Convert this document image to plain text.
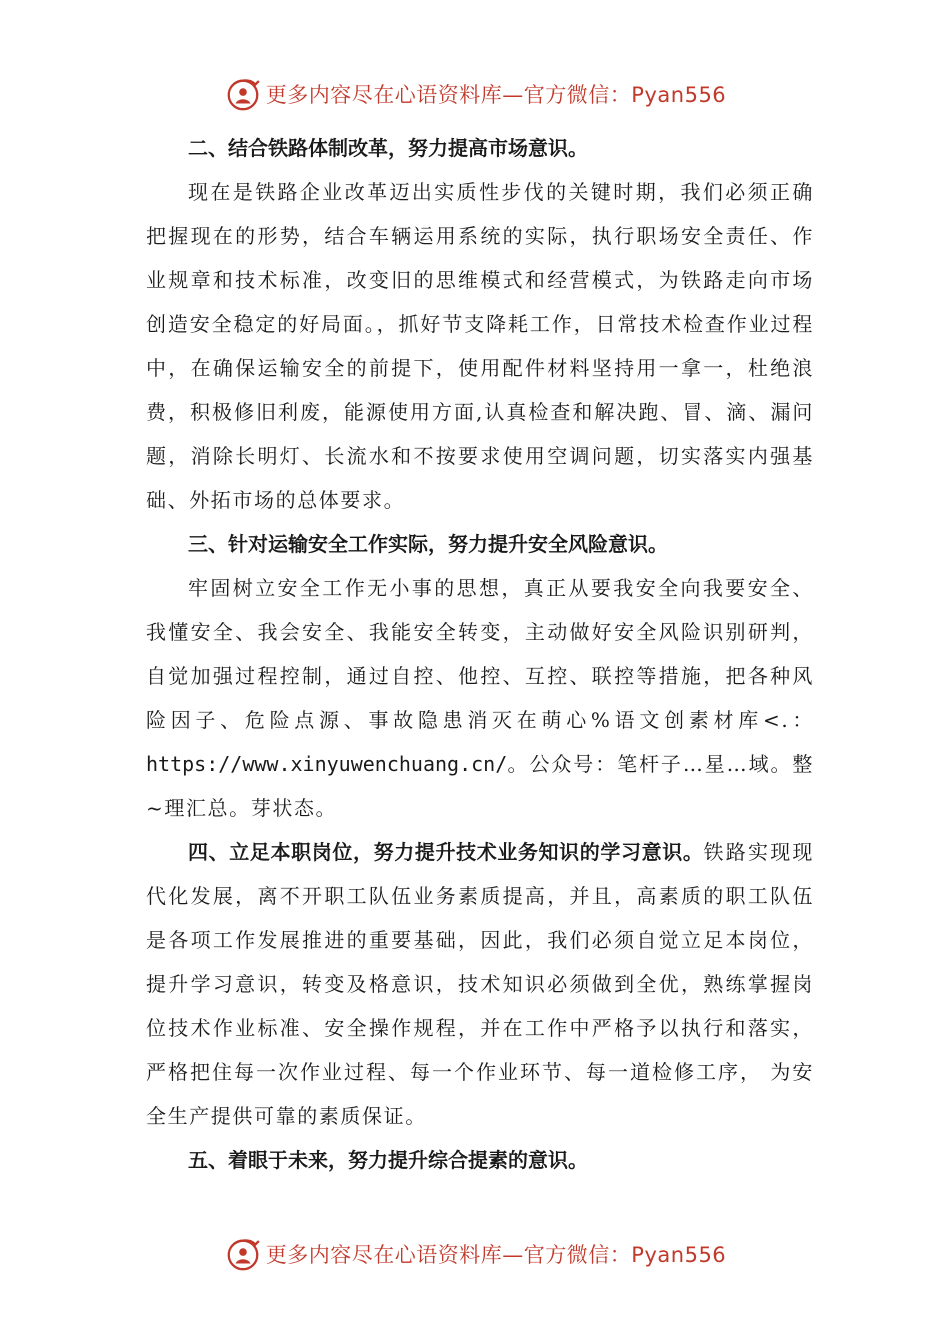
更多内容尽在心语资料库—官方微信：Pyan556

二、结合铁路体制改革，努力提高市场意识。

现在是铁路企业改革迈出实质性步伐的关键时期，我们必须正确把握现在的形势，结合车辆运用系统的实际，执行职场安全责任、作业规章和技术标准，改变旧的思维模式和经营模式，为铁路走向市场创造安全稳定的好局面。，抓好节支降耗工作，日常技术检查作业过程中，在确保运输安全的前提下，使用配件材料坚持用一拿一，杜绝浪费，积极修旧利废，能源使用方面,认真检查和解决跑、冒、滴、漏问题，消除长明灯、长流水和不按要求使用空调问题，切实落实内强基础、外拓市场的总体要求。

三、针对运输安全工作实际，努力提升安全风险意识。

牢固树立安全工作无小事的思想，真正从要我安全向我要安全、我懂安全、我会安全、我能安全转变，主动做好安全风险识别研判，自觉加强过程控制，通过自控、他控、互控、联控等措施，把各种风险因子、危险点源、事故隐患消灭在萌心%语文创素材库<.：https://www.xinyuwenchuang.cn/。公众号：笔杆子…星…域。整~理汇总。芽状态。

四、立足本职岗位，努力提升技术业务知识的学习意识。铁路实现现代化发展，离不开职工队伍业务素质提高，并且，高素质的职工队伍是各项工作发展推进的重要基础，因此，我们必须自觉立足本岗位，提升学习意识，转变及格意识，技术知识必须做到全优，熟练掌握岗位技术作业标准、安全操作规程，并在工作中严格予以执行和落实，严格把住每一次作业过程、每一个作业环节、每一道检修工序， 为安全生产提供可靠的素质保证。

五、着眼于未来，努力提升综合提素的意识。

更多内容尽在心语资料库—官方微信：Pyan556
